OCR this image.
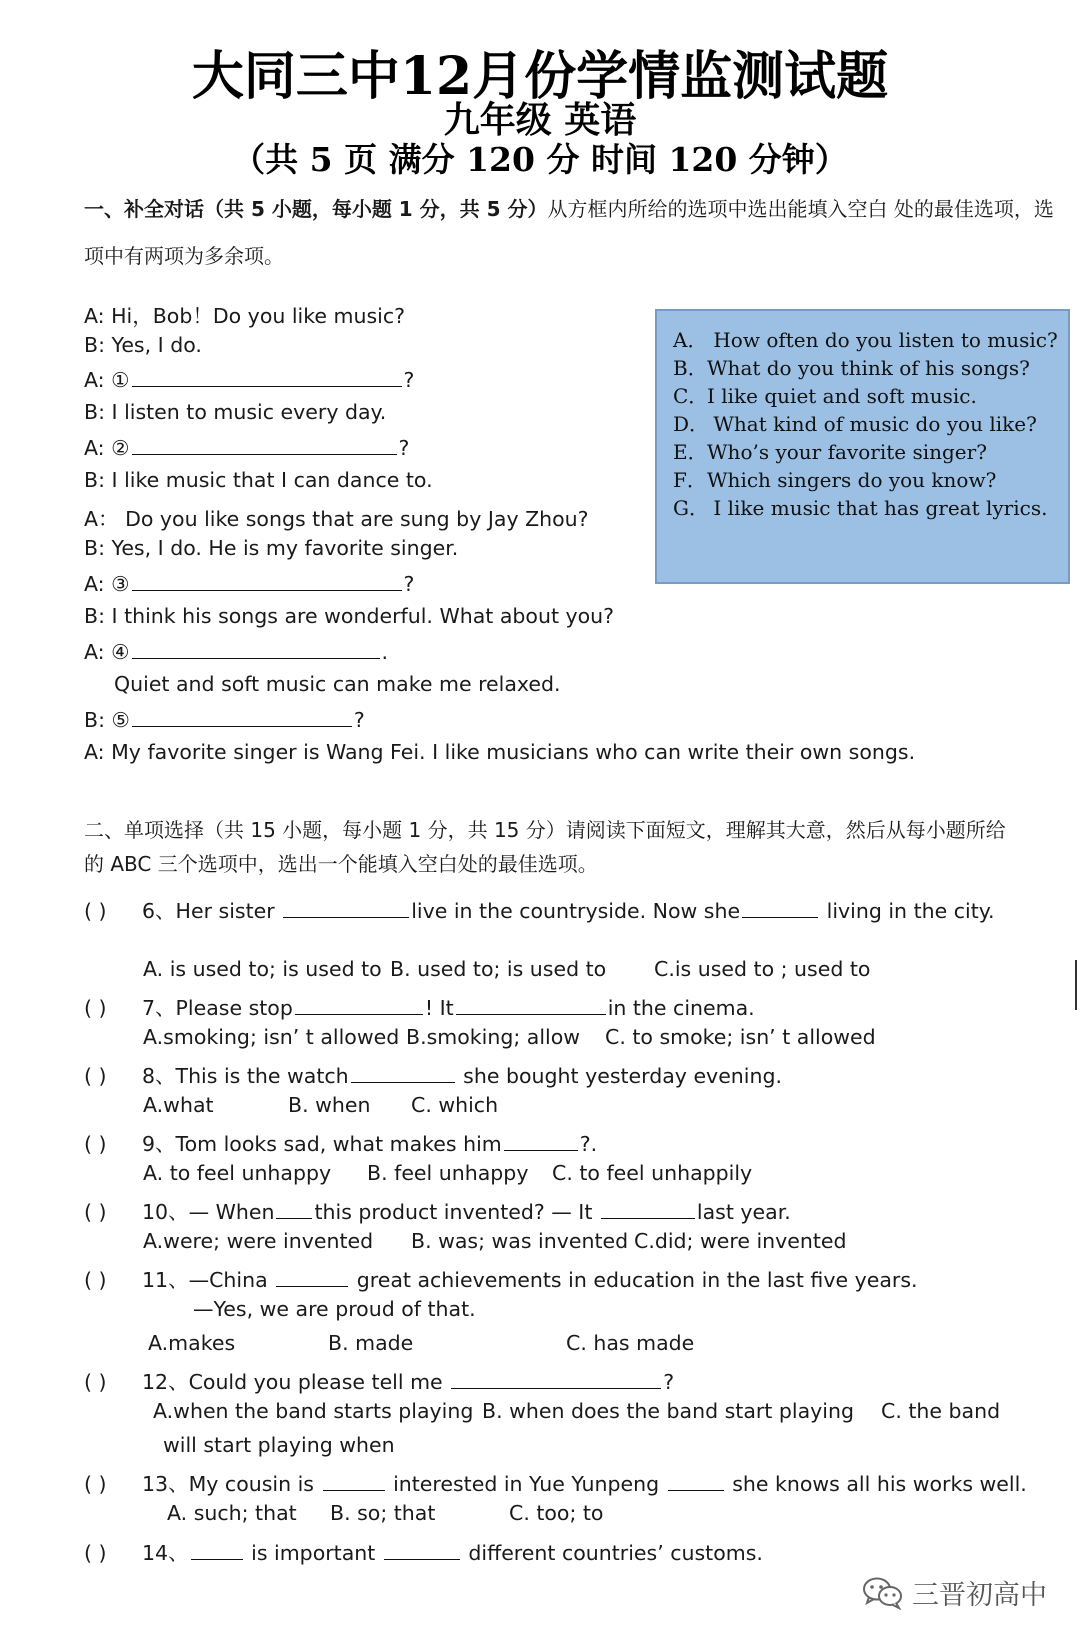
大同三中12月份学情监测试题
九年级 英语
（共 5 页 满分 120 分 时间 120 分钟）
一、补全对话（共 5 小题，每小题 1 分，共 5 分）从方框内所给的选项中选出能填入空白 处的最佳选项，选
项中有两项为多余项。
A: Hi，Bob！Do you like music?
B: Yes, I do.
A: ①	?
B: I listen to music every day.
A: ②	?
B: I like music that I can dance to.
A： Do you like songs that are sung by Jay Zhou?
B: Yes, I do. He is my favorite singer.
A: ③	?
B: I think his songs are wonderful. What about you?
A: ④	.
Quiet and soft music can make me relaxed.
B: ⑤	?
A: My favorite singer is Wang Fei. I like musicians who can write their own songs.
A． How often do you listen to music?
B．What do you think of his songs?
C．I like quiet and soft music.
D． What kind of music do you like?
E．Who’s your favorite singer?
F．Which singers do you know?
G． I like music that has great lyrics.
二、单项选择（共 15 小题，每小题 1 分，共 15 分）请阅读下面短文，理解其大意，然后从每小题所给
的 ABC 三个选项中，选出一个能填入空白处的最佳选项。
( ) 6、Her sister	live in the countryside. Now she	living in the city.
A. is used to; is used to B. used to; is used to C.is used to ; used to
( ) 7、Please stop	! It	in the cinema.
A.smoking; isn’ t allowed B.smoking; allow C. to smoke; isn’ t allowed
( ) 8、This is the watch	she bought yesterday evening.
A.what	B. when C. which
( ) 9、Tom looks sad, what makes him	?.
A. to feel unhappy B. feel unhappy C. to feel unhappily
( ) 10、— When this product invented? — It	last year.
A.were; were invented B. was; was invented C.did; were invented
( ) 11、—China	great achievements in education in the last five years.
—Yes, we are proud of that.
A.makes	B. made	C. has made
( ) 12、Could you please tell me	?
A.when the band starts playing B. when does the band start playing C. the band
will start playing when
( ) 13、My cousin is	interested in Yue Yunpeng	she knows all his works well.
A. such; that B. so; that	C. too; to
( ) 14、	is important	different countries’ customs.
三晋初高中
